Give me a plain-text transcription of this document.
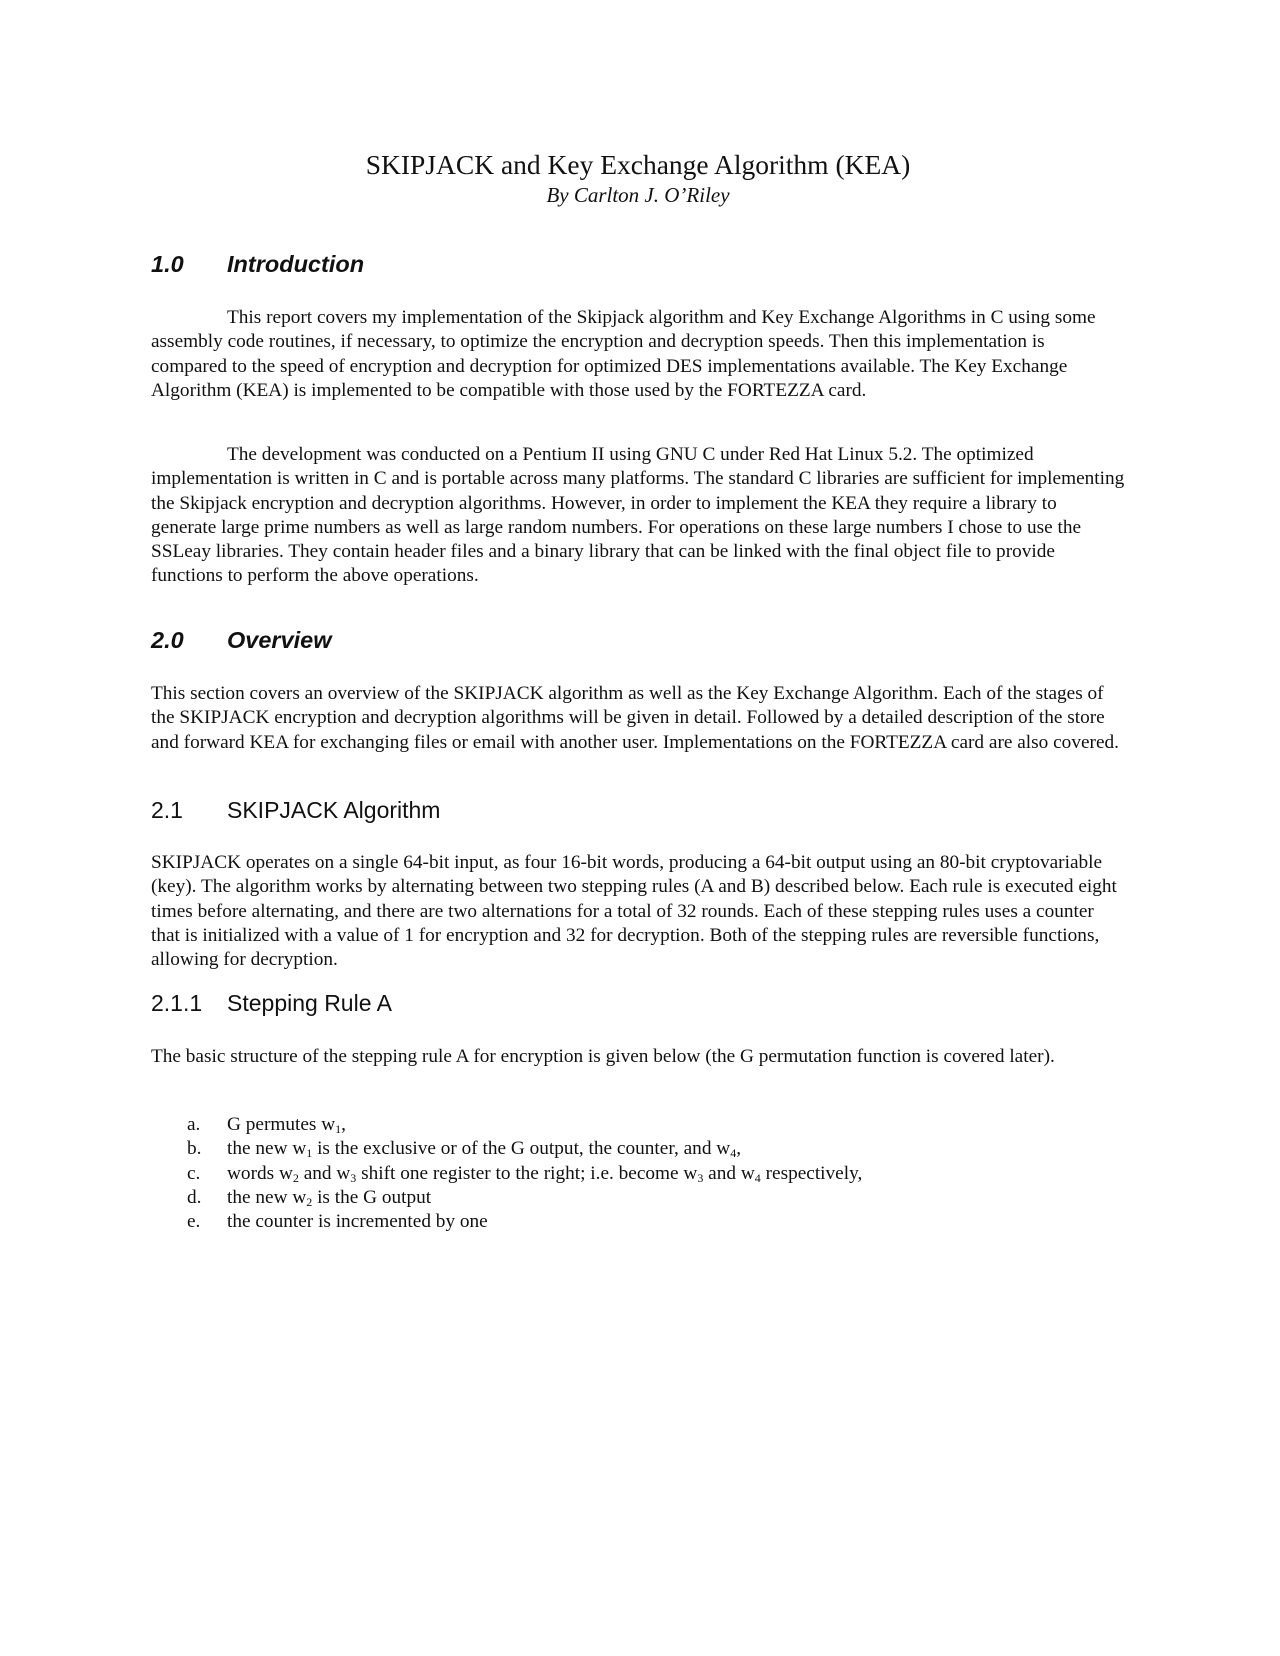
SKIPJACK and Key Exchange Algorithm (KEA)

By Carlton J. O’Riley

1.0 Introduction

This report covers my implementation of the Skipjack algorithm and Key Exchange Algorithms in C using some assembly code routines, if necessary, to optimize the encryption and decryption speeds. Then this implementation is compared to the speed of encryption and decryption for optimized DES implementations available. The Key Exchange Algorithm (KEA) is implemented to be compatible with those used by the FORTEZZA card.

The development was conducted on a Pentium II using GNU C under Red Hat Linux 5.2. The optimized implementation is written in C and is portable across many platforms. The standard C libraries are sufficient for implementing the Skipjack encryption and decryption algorithms. However, in order to implement the KEA they require a library to generate large prime numbers as well as large random numbers. For operations on these large numbers I chose to use the SSLeay libraries. They contain header files and a binary library that can be linked with the final object file to provide functions to perform the above operations.

2.0 Overview

This section covers an overview of the SKIPJACK algorithm as well as the Key Exchange Algorithm. Each of the stages of the SKIPJACK encryption and decryption algorithms will be given in detail. Followed by a detailed description of the store and forward KEA for exchanging files or email with another user. Implementations on the FORTEZZA card are also covered.

2.1 SKIPJACK Algorithm

SKIPJACK operates on a single 64-bit input, as four 16-bit words, producing a 64-bit output using an 80-bit cryptovariable (key). The algorithm works by alternating between two stepping rules (A and B) described below. Each rule is executed eight times before alternating, and there are two alternations for a total of 32 rounds. Each of these stepping rules uses a counter that is initialized with a value of 1 for encryption and 32 for decryption. Both of the stepping rules are reversible functions, allowing for decryption.

2.1.1 Stepping Rule A

The basic structure of the stepping rule A for encryption is given below (the G permutation function is covered later).

a. G permutes $w_1$,
b. the new $w_1$ is the exclusive or of the G output, the counter, and $w_4$,
c. words $w_2$ and $w_3$ shift one register to the right; i.e. become $w_3$ and $w_4$ respectively,
d. the new $w_2$ is the G output
e. the counter is incremented by one
